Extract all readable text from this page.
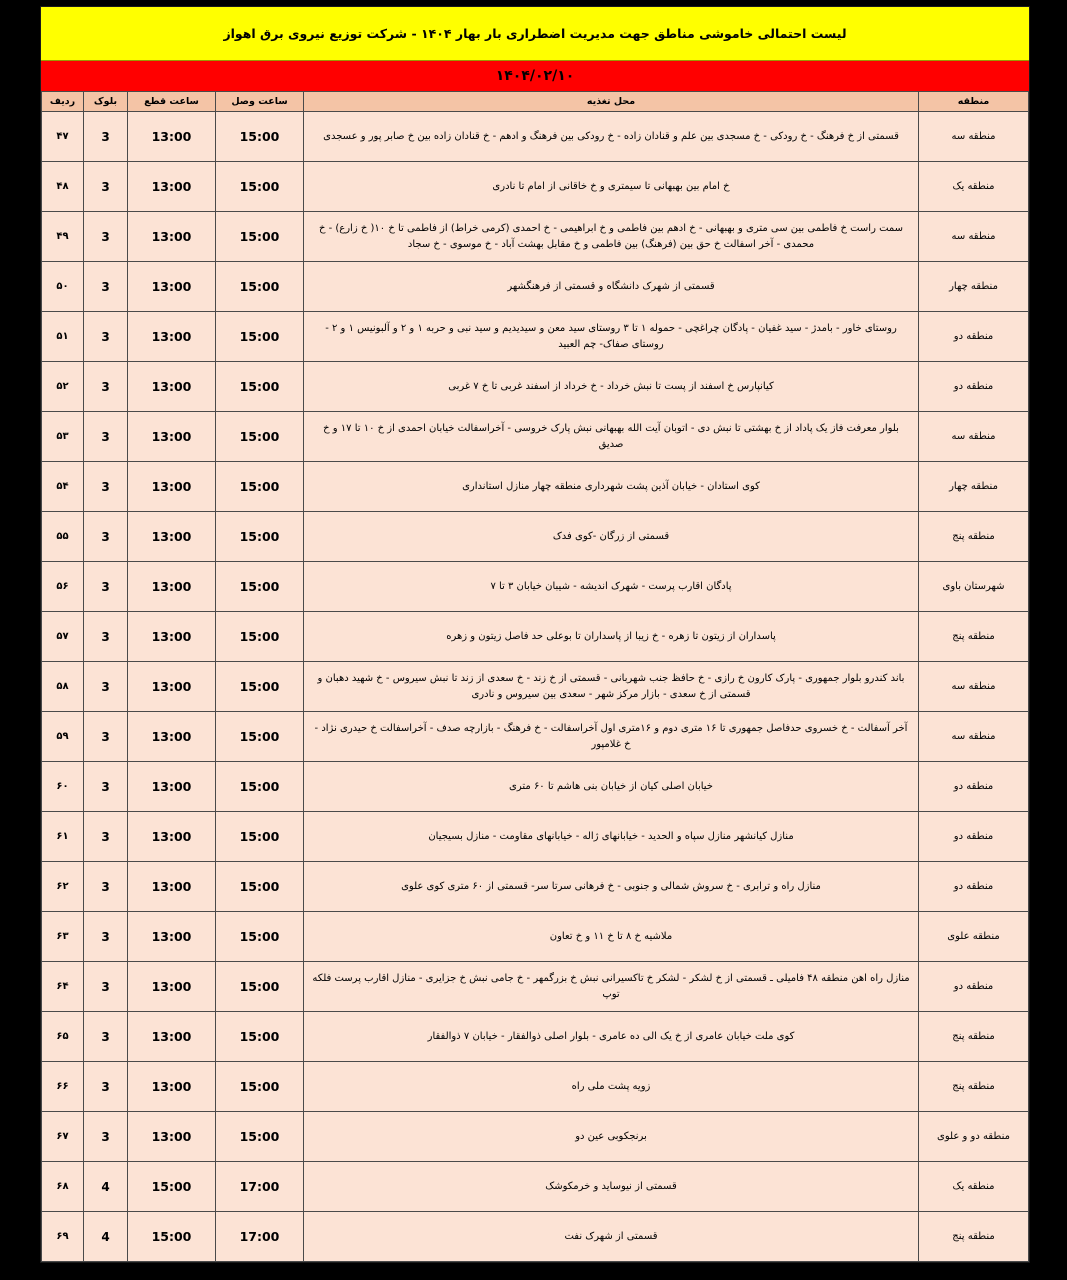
لیست احتمالی خاموشی مناطق جهت مدیریت اضطراری بار بهار ۱۴۰۴ - شرکت توزیع نیروی برق اهواز
۱۴۰۴/۰۲/۱۰
منطقه	محل تغذیه	ساعت وصل	ساعت قطع	بلوک	ردیف
منطقه سه	قسمتی از خ فرهنگ - خ رودکی - خ مسجدی بین علم و قنادان زاده - خ رودکی بین فرهنگ و ادهم - خ قنادان زاده بین خ صابر پور و عسجدی	15:00	13:00	3	۴۷
منطقه یک	خ امام بین بهبهانی تا سیمتری و خ خاقانی از امام تا نادری	15:00	13:00	3	۴۸
منطقه سه	سمت راست خ فاطمی بین سی متری و بهبهانی - خ ادهم بین فاطمی و خ ابراهیمی - خ احمدی (کرمی خراط) از فاطمی تا خ ۱۰( خ زارع) - خ محمدی - آخر اسفالت خ حق بین (فرهنگ) بین فاطمی و خ مقابل بهشت آباد - خ موسوی - خ سجاد	15:00	13:00	3	۴۹
منطقه چهار	قسمتی از شهرک دانشگاه و قسمتی از فرهنگشهر	15:00	13:00	3	۵۰
منطقه دو	روستای خاور - بامدژ - سید غفیان - پادگان چراغچی - حموله ۱ تا ۳ روستای سید معن و سیدیدیم و سید نبی و حربه ۱ و ۲ و آلبونیس ۱ و ۲ - روستای صفاک- چم العبید	15:00	13:00	3	۵۱
منطقه دو	کیانپارس خ اسفند از پست تا نبش خرداد - خ خرداد از اسفند غربی تا خ ۷ غربی	15:00	13:00	3	۵۲
منطقه سه	بلوار معرفت فاز یک پاداد از خ بهشتی تا نبش دی - اتوبان آیت الله بهبهانی نبش پارک خروسی - آخراسفالت خیابان احمدی از خ ۱۰ تا ۱۷ و خ صدیق	15:00	13:00	3	۵۳
منطقه چهار	کوی استادان - خیابان آذین پشت شهرداری منطقه چهار منازل استانداری	15:00	13:00	3	۵۴
منطقه پنج	قسمتی از زرگان -کوی فدک	15:00	13:00	3	۵۵
شهرستان باوی	پادگان اقارب پرست - شهرک اندیشه - شیبان خیابان ۳ تا ۷	15:00	13:00	3	۵۶
منطقه پنج	پاسداران از زیتون تا زهره - خ زیبا از پاسداران تا بوعلی حد فاصل زیتون و زهره	15:00	13:00	3	۵۷
منطقه سه	باند کندرو بلوار جمهوری - پارک کارون خ رازی - خ حافظ جنب شهربانی - قسمتی از خ زند - خ سعدی از زند تا نبش سیروس - خ شهید دهبان و قسمتی از خ سعدی - بازار مرکز شهر - سعدی بین سیروس و نادری	15:00	13:00	3	۵۸
منطقه سه	آخر آسفالت - خ خسروی حدفاصل جمهوری تا ۱۶ متری دوم و ۱۶متری اول آخراسفالت - خ فرهنگ - بازارچه صدف - آخراسفالت خ حیدری نژاد - خ غلامپور	15:00	13:00	3	۵۹
منطقه دو	خیابان اصلی کیان از خیابان بنی هاشم تا ۶۰ متری	15:00	13:00	3	۶۰
منطقه دو	منازل کیانشهر منازل سپاه و الحدید - خیابانهای ژاله - خیابانهای مقاومت - منازل بسیجیان	15:00	13:00	3	۶۱
منطقه دو	منازل راه و ترابری - خ سروش شمالی و جنوبی - خ فرهانی سرتا سر- قسمتی از ۶۰ متری کوی علوی	15:00	13:00	3	۶۲
منطقه علوی	ملاشیه خ ۸ تا خ ۱۱ و خ تعاون	15:00	13:00	3	۶۳
منطقه دو	منازل راه اهن منطقه ۴۸ فامیلی ـ قسمتی از خ لشکر - لشکر خ تاکسیرانی نبش خ بزرگمهر - خ جامی نبش خ جزایری - منازل اقارب پرست فلکه توپ	15:00	13:00	3	۶۴
منطقه پنج	کوی ملت خیابان عامری از خ یک الی ده عامری - بلوار اصلی ذوالفقار - خیابان ۷ ذوالفقار	15:00	13:00	3	۶۵
منطقه پنج	زویه پشت ملی راه	15:00	13:00	3	۶۶
منطقه دو و علوی	برنجکوبی عین دو	15:00	13:00	3	۶۷
منطقه یک	قسمتی از نیوساید و خرمکوشک	17:00	15:00	4	۶۸
منطقه پنج	قسمتی از شهرک نفت	17:00	15:00	4	۶۹
